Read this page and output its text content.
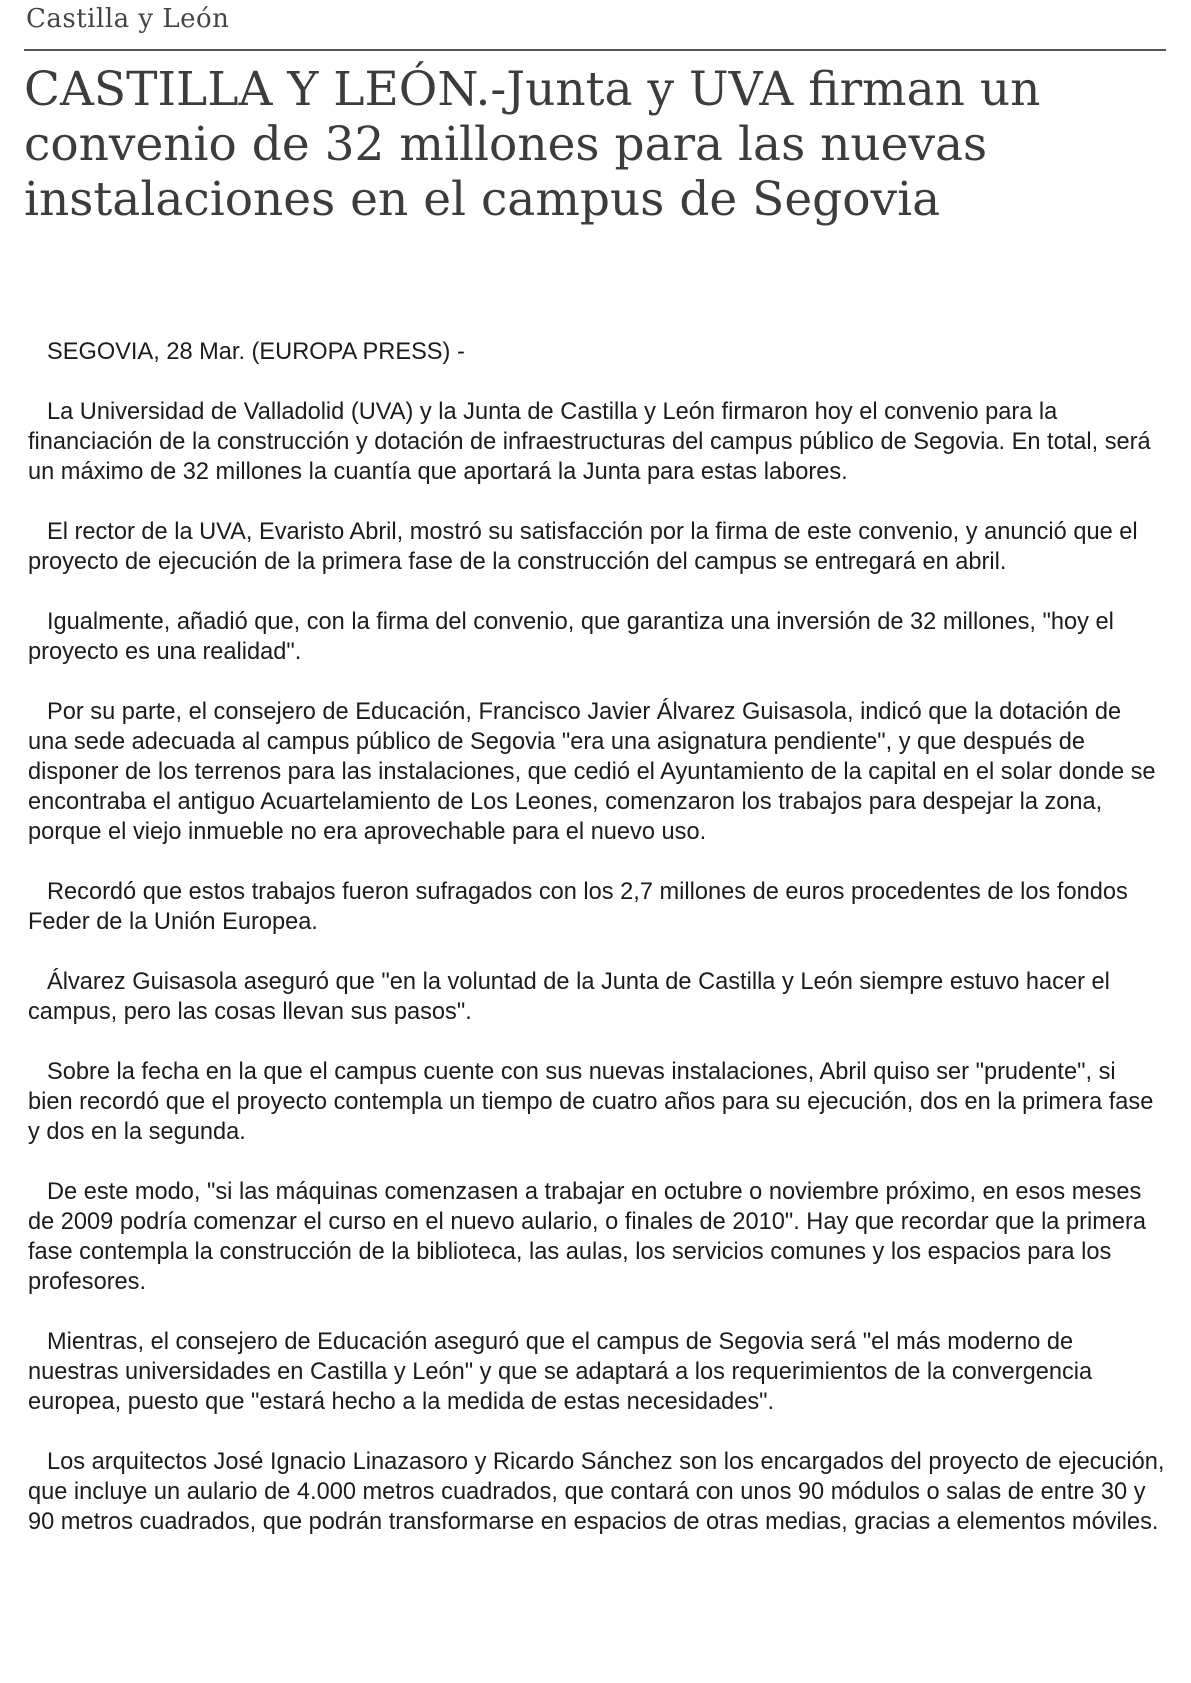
Castilla y León
CASTILLA Y LEÓN.-Junta y UVA firman un convenio de 32 millones para las nuevas instalaciones en el campus de Segovia

SEGOVIA, 28 Mar. (EUROPA PRESS) -

La Universidad de Valladolid (UVA) y la Junta de Castilla y León firmaron hoy el convenio para la financiación de la construcción y dotación de infraestructuras del campus público de Segovia. En total, será un máximo de 32 millones la cuantía que aportará la Junta para estas labores.

El rector de la UVA, Evaristo Abril, mostró su satisfacción por la firma de este convenio, y anunció que el proyecto de ejecución de la primera fase de la construcción del campus se entregará en abril.

Igualmente, añadió que, con la firma del convenio, que garantiza una inversión de 32 millones, "hoy el proyecto es una realidad".

Por su parte, el consejero de Educación, Francisco Javier Álvarez Guisasola, indicó que la dotación de una sede adecuada al campus público de Segovia "era una asignatura pendiente", y que después de disponer de los terrenos para las instalaciones, que cedió el Ayuntamiento de la capital en el solar donde se encontraba el antiguo Acuartelamiento de Los Leones, comenzaron los trabajos para despejar la zona, porque el viejo inmueble no era aprovechable para el nuevo uso.

Recordó que estos trabajos fueron sufragados con los 2,7 millones de euros procedentes de los fondos Feder de la Unión Europea.

Álvarez Guisasola aseguró que "en la voluntad de la Junta de Castilla y León siempre estuvo hacer el campus, pero las cosas llevan sus pasos".

Sobre la fecha en la que el campus cuente con sus nuevas instalaciones, Abril quiso ser "prudente", si bien recordó que el proyecto contempla un tiempo de cuatro años para su ejecución, dos en la primera fase y dos en la segunda.

De este modo, "si las máquinas comenzasen a trabajar en octubre o noviembre próximo, en esos meses de 2009 podría comenzar el curso en el nuevo aulario, o finales de 2010". Hay que recordar que la primera fase contempla la construcción de la biblioteca, las aulas, los servicios comunes y los espacios para los profesores.

Mientras, el consejero de Educación aseguró que el campus de Segovia será "el más moderno de nuestras universidades en Castilla y León" y que se adaptará a los requerimientos de la convergencia europea, puesto que "estará hecho a la medida de estas necesidades".

Los arquitectos José Ignacio Linazasoro y Ricardo Sánchez son los encargados del proyecto de ejecución, que incluye un aulario de 4.000 metros cuadrados, que contará con unos 90 módulos o salas de entre 30 y 90 metros cuadrados, que podrán transformarse en espacios de otras medias, gracias a elementos móviles.
